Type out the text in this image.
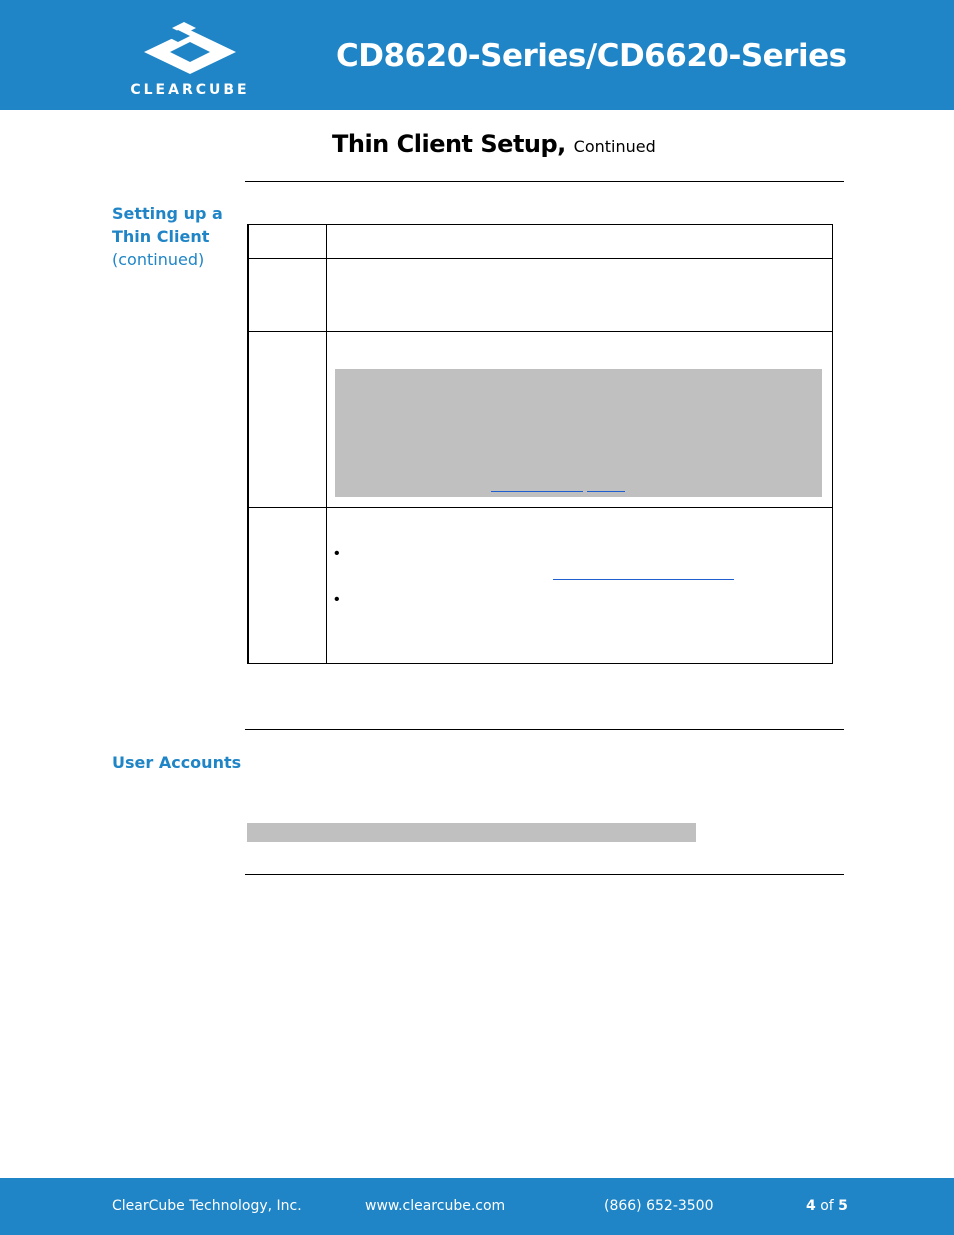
CLEARCUBE
CD8620-Series/CD6620-Series
Thin Client Setup, Continued
Setting up a
Thin Client
(continued)
•
•
User Accounts
ClearCube Technology, Inc.	www.clearcube.com	(866) 652-3500	4 of 5
